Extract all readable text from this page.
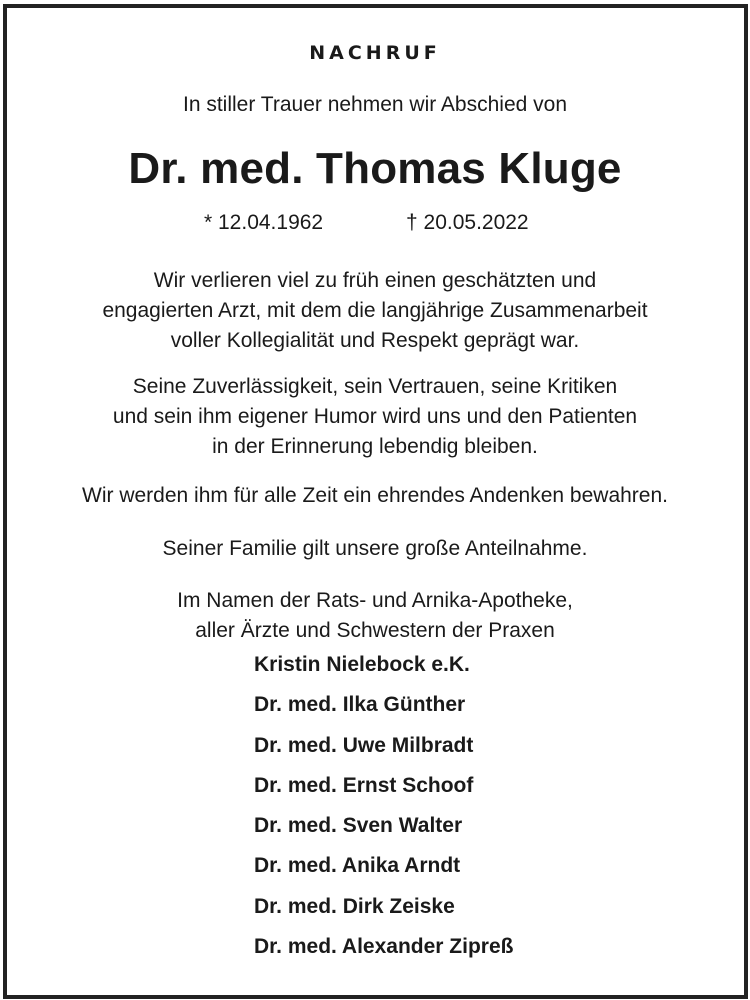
NACHRUF
In stiller Trauer nehmen wir Abschied von
Dr. med. Thomas Kluge
* 12.04.1962	† 20.05.2022
Wir verlieren viel zu früh einen geschätzten und
engagierten Arzt, mit dem die langjährige Zusammenarbeit
voller Kollegialität und Respekt geprägt war.
Seine Zuverlässigkeit, sein Vertrauen, seine Kritiken
und sein ihm eigener Humor wird uns und den Patienten
in der Erinnerung lebendig bleiben.
Wir werden ihm für alle Zeit ein ehrendes Andenken bewahren.
Seiner Familie gilt unsere große Anteilnahme.
Im Namen der Rats- und Arnika-Apotheke,
aller Ärzte und Schwestern der Praxen
Kristin Nielebock e.K.
Dr. med. Ilka Günther
Dr. med. Uwe Milbradt
Dr. med. Ernst Schoof
Dr. med. Sven Walter
Dr. med. Anika Arndt
Dr. med. Dirk Zeiske
Dr. med. Alexander Zipreß
